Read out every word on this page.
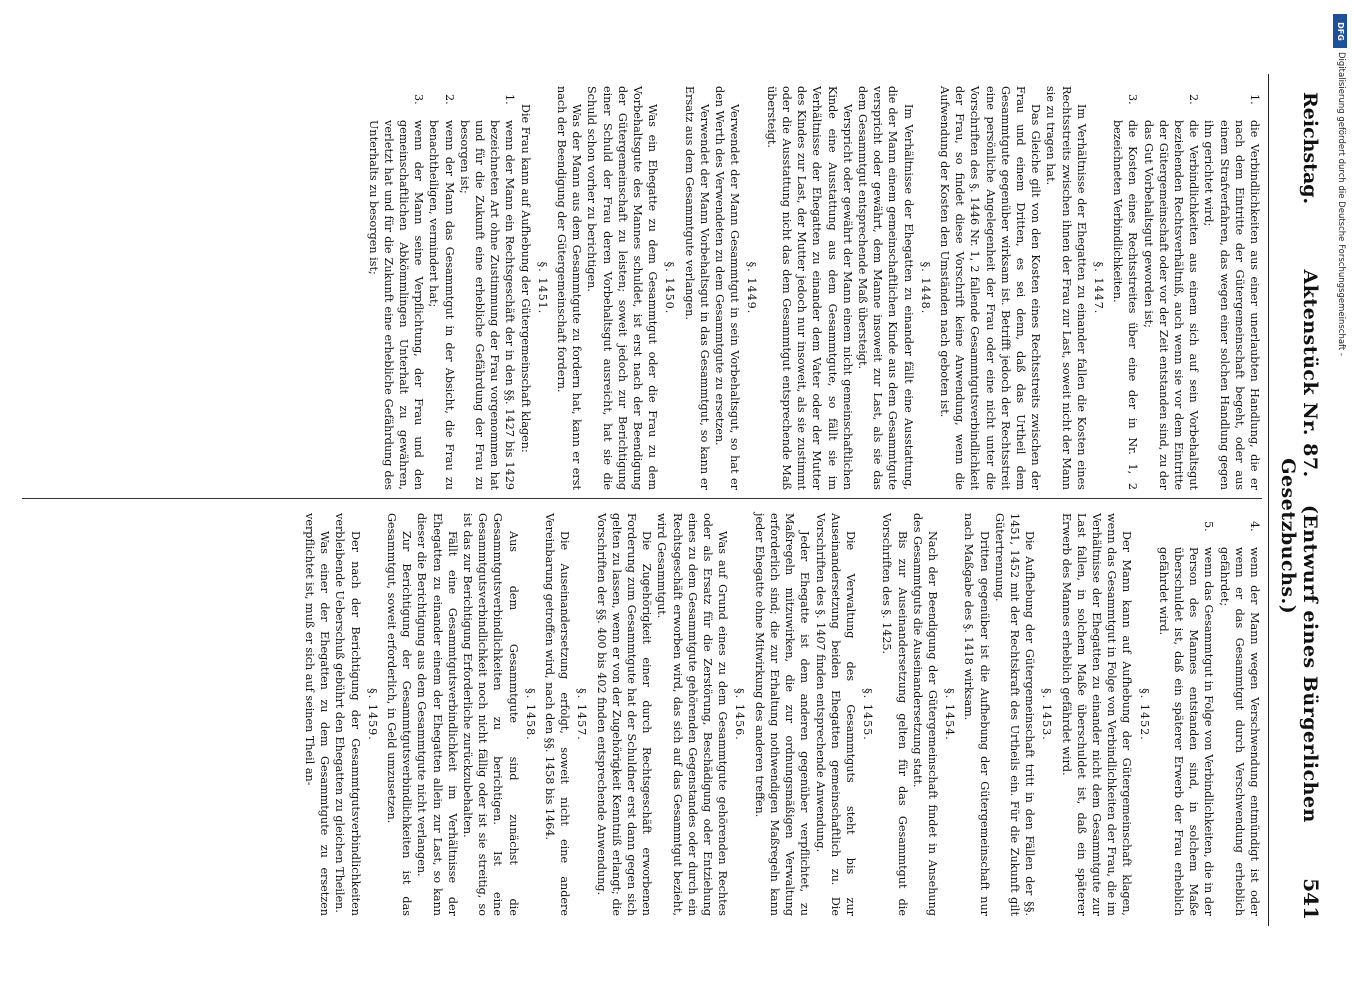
Reichstag.
Aktenstück Nr. 87. (Entwurf eines Bürgerlichen Gesetzbuchs.)
541
1.
die Verbindlichkeiten aus einer unerlaubten Handlung, die er nach dem Eintritte der Gütergemeinschaft begeht, oder aus einem Strafverfahren, das wegen einer solchen Handlung gegen ihn gerichtet wird;
2.
die Verbindlichkeiten aus einem sich auf sein Vorbehaltsgut beziehenden Rechtsverhältniß, auch wenn sie vor dem Eintritte der Gütergemeinschaft oder vor der Zeit entstanden sind, zu der das Gut Vorbehaltsgut geworden ist;
3.
die Kosten eines Rechtsstreites über eine der in Nr. 1, 2 bezeichneten Verbindlichkeiten.
§. 1447.

Im Verhältnisse der Ehegatten zu einander fallen die Kosten eines Rechtsstreits zwischen ihnen der Frau zur Last, soweit nicht der Mann sie zu tragen hat.

Das Gleiche gilt von den Kosten eines Rechtsstreits zwischen der Frau und einem Dritten, es sei denn, daß das Urtheil dem Gesammtgute gegenüber wirksam ist. Betrifft jedoch der Rechtsstreit eine persönliche Angelegenheit der Frau oder eine nicht unter die Vorschriften des §. 1446 Nr. 1, 2 fallende Gesammtgutsverbindlichkeit der Frau, so findet diese Vorschrift keine Anwendung, wenn die Aufwendung der Kosten den Umständen nach geboten ist.

§. 1448.

Im Verhältnisse der Ehegatten zu einander fällt eine Ausstattung, die der Mann einem gemeinschaftlichen Kinde aus dem Gesammtgute verspricht oder gewährt, dem Manne insoweit zur Last, als sie das dem Gesammtgut entsprechende Maß übersteigt.

Verspricht oder gewährt der Mann einem nicht gemeinschaftlichen Kinde eine Ausstattung aus dem Gesammtgute, so fällt sie im Verhältnisse der Ehegatten zu einander dem Vater oder der Mutter des Kindes zur Last, der Mutter jedoch nur insoweit, als sie zustimmt oder die Ausstattung nicht das dem Gesammtgut entsprechende Maß übersteigt.

§. 1449.

Verwendet der Mann Gesammtgut in sein Vorbehaltsgut, so hat er den Werth des Verwendeten zu dem Gesammtgute zu ersetzen.

Verwendet der Mann Vorbehaltsgut in das Gesammtgut, so kann er Ersatz aus dem Gesammtgute verlangen.

§. 1450.

Was ein Ehegatte zu dem Gesammtgut oder die Frau zu dem Vorbehaltsgute des Mannes schuldet, ist erst nach der Beendigung der Gütergemeinschaft zu leisten; soweit jedoch zur Berichtigung einer Schuld der Frau deren Vorbehaltsgut ausreicht, hat sie die Schuld schon vorher zu berichtigen.

Was der Mann aus dem Gesammtgute zu fordern hat, kann er erst nach der Beendigung der Gütergemeinschaft fordern.

§. 1451.

Die Frau kann auf Aufhebung der Gütergemeinschaft klagen:

1.
wenn der Mann ein Rechtsgeschäft der in den §§. 1427 bis 1429 bezeichneten Art ohne Zustimmung der Frau vorgenommen hat und für die Zukunft eine erhebliche Gefährdung der Frau zu besorgen ist;
2.
wenn der Mann das Gesammtgut in der Absicht, die Frau zu benachtheiligen, vermindert hat;
3.
wenn der Mann seine Verpflichtung, der Frau und den gemeinschaftlichen Abkömmlingen Unterhalt zu gewähren, verletzt hat und für die Zukunft eine erhebliche Gefährdung des Unterhalts zu besorgen ist;
4.
wenn der Mann wegen Verschwendung entmündigt ist oder wenn er das Gesammtgut durch Verschwendung erheblich gefährdet;
5.
wenn das Gesammtgut in Folge von Verbindlichkeiten, die in der Person des Mannes entstanden sind, in solchem Maße überschuldet ist, daß ein späterer Erwerb der Frau erheblich gefährdet wird.
§. 1452.

Der Mann kann auf Aufhebung der Gütergemeinschaft klagen, wenn das Gesammtgut in Folge von Verbindlichkeiten der Frau, die im Verhältnisse der Ehegatten zu einander nicht dem Gesammtgute zur Last fallen, in solchem Maße überschuldet ist, daß ein späterer Erwerb des Mannes erheblich gefährdet wird.

§. 1453.

Die Aufhebung der Gütergemeinschaft tritt in den Fällen der §§. 1451, 1452 mit der Rechtskraft des Urtheils ein. Für die Zukunft gilt Gütertrennung.

Dritten gegenüber ist die Aufhebung der Gütergemeinschaft nur nach Maßgabe des §. 1418 wirksam.

§. 1454.

Nach der Beendigung der Gütergemeinschaft findet in Ansehung des Gesammtguts die Auseinandersetzung statt.

Bis zur Auseinandersetzung gelten für das Gesammtgut die Vorschriften des §. 1425.

§. 1455.

Die Verwaltung des Gesammtguts steht bis zur Auseinandersetzung beiden Ehegatten gemeinschaftlich zu. Die Vorschriften des §. 1407 finden entsprechende Anwendung.

Jeder Ehegatte ist dem anderen gegenüber verpflichtet, zu Maßregeln mitzuwirken, die zur ordnungsmäßigen Verwaltung erforderlich sind; die zur Erhaltung nothwendigen Maßregeln kann jeder Ehegatte ohne Mitwirkung des anderen treffen.

§. 1456.

Was auf Grund eines zu dem Gesammtgute gehörenden Rechtes oder als Ersatz für die Zerstörung, Beschädigung oder Entziehung eines zu dem Gesammtgute gehörenden Gegenstandes oder durch ein Rechtsgeschäft erworben wird, das sich auf das Gesammtgut bezieht, wird Gesammtgut.

Die Zugehörigkeit einer durch Rechtsgeschäft erworbenen Forderung zum Gesammtgute hat der Schuldner erst dann gegen sich gelten zu lassen, wenn er von der Zugehörigkeit Kenntniß erlangt; die Vorschriften der §§. 400 bis 402 finden entsprechende Anwendung.

§. 1457.

Die Auseinandersetzung erfolgt, soweit nicht eine andere Vereinbarung getroffen wird, nach den §§. 1458 bis 1464.

§. 1458.

Aus dem Gesammtgute sind zunächst die Gesammtgutsverbindlichkeiten zu berichtigen. Ist eine Gesammtgutsverbindlichkeit noch nicht fällig oder ist sie streitig, so ist das zur Berichtigung Erforderliche zurückzubehalten.

Fällt eine Gesammtgutsverbindlichkeit im Verhältnisse der Ehegatten zu einander einem der Ehegatten allein zur Last, so kann dieser die Berichtigung aus dem Gesammtgute nicht verlangen.

Zur Berichtigung der Gesammtgutsverbindlichkeiten ist das Gesammtgut, soweit erforderlich, in Geld umzusetzen.

§. 1459.

Der nach der Berichtigung der Gesammtgutsverbindlichkeiten verbleibende Ueberschuß gebührt den Ehegatten zu gleichen Theilen.

Was einer der Ehegatten zu dem Gesammtgute zu ersetzen verpflichtet ist, muß er sich auf seinen Theil an-

DFG
Digitalisierung gefördert durch die Deutsche Forschungsgemeinschaft -
